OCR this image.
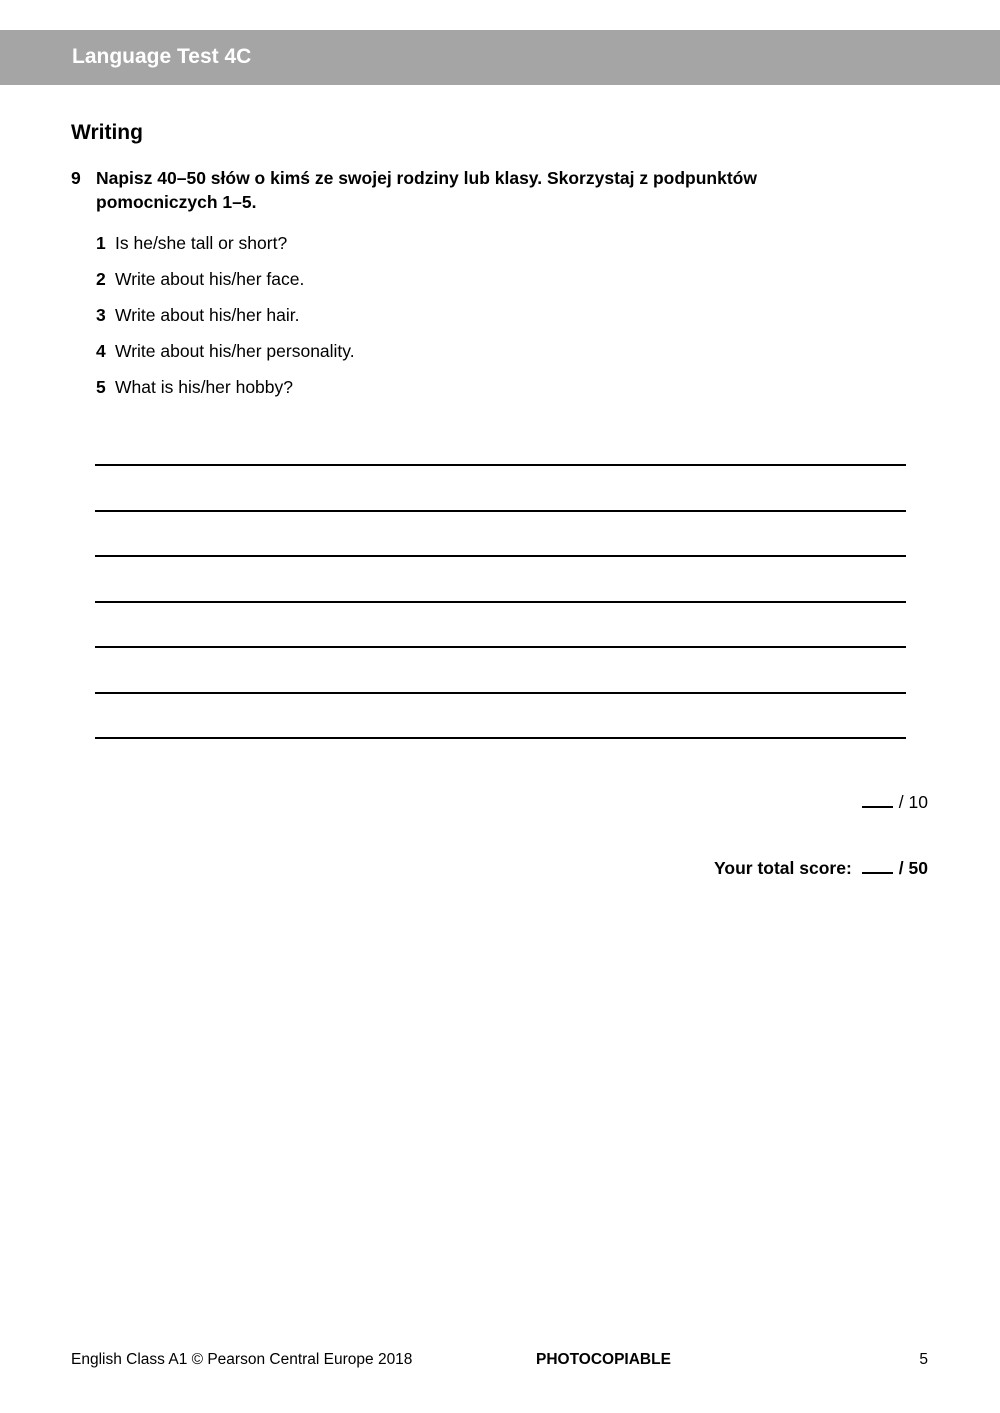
Language Test 4C
Writing
9 Napisz 40–50 słów o kimś ze swojej rodziny lub klasy. Skorzystaj z podpunktów pomocniczych 1–5.
1 Is he/she tall or short?
2 Write about his/her face.
3 Write about his/her hair.
4 Write about his/her personality.
5 What is his/her hobby?
/ 10
Your total score:	/ 50
English Class A1 © Pearson Central Europe 2018	PHOTOCOPIABLE	5
